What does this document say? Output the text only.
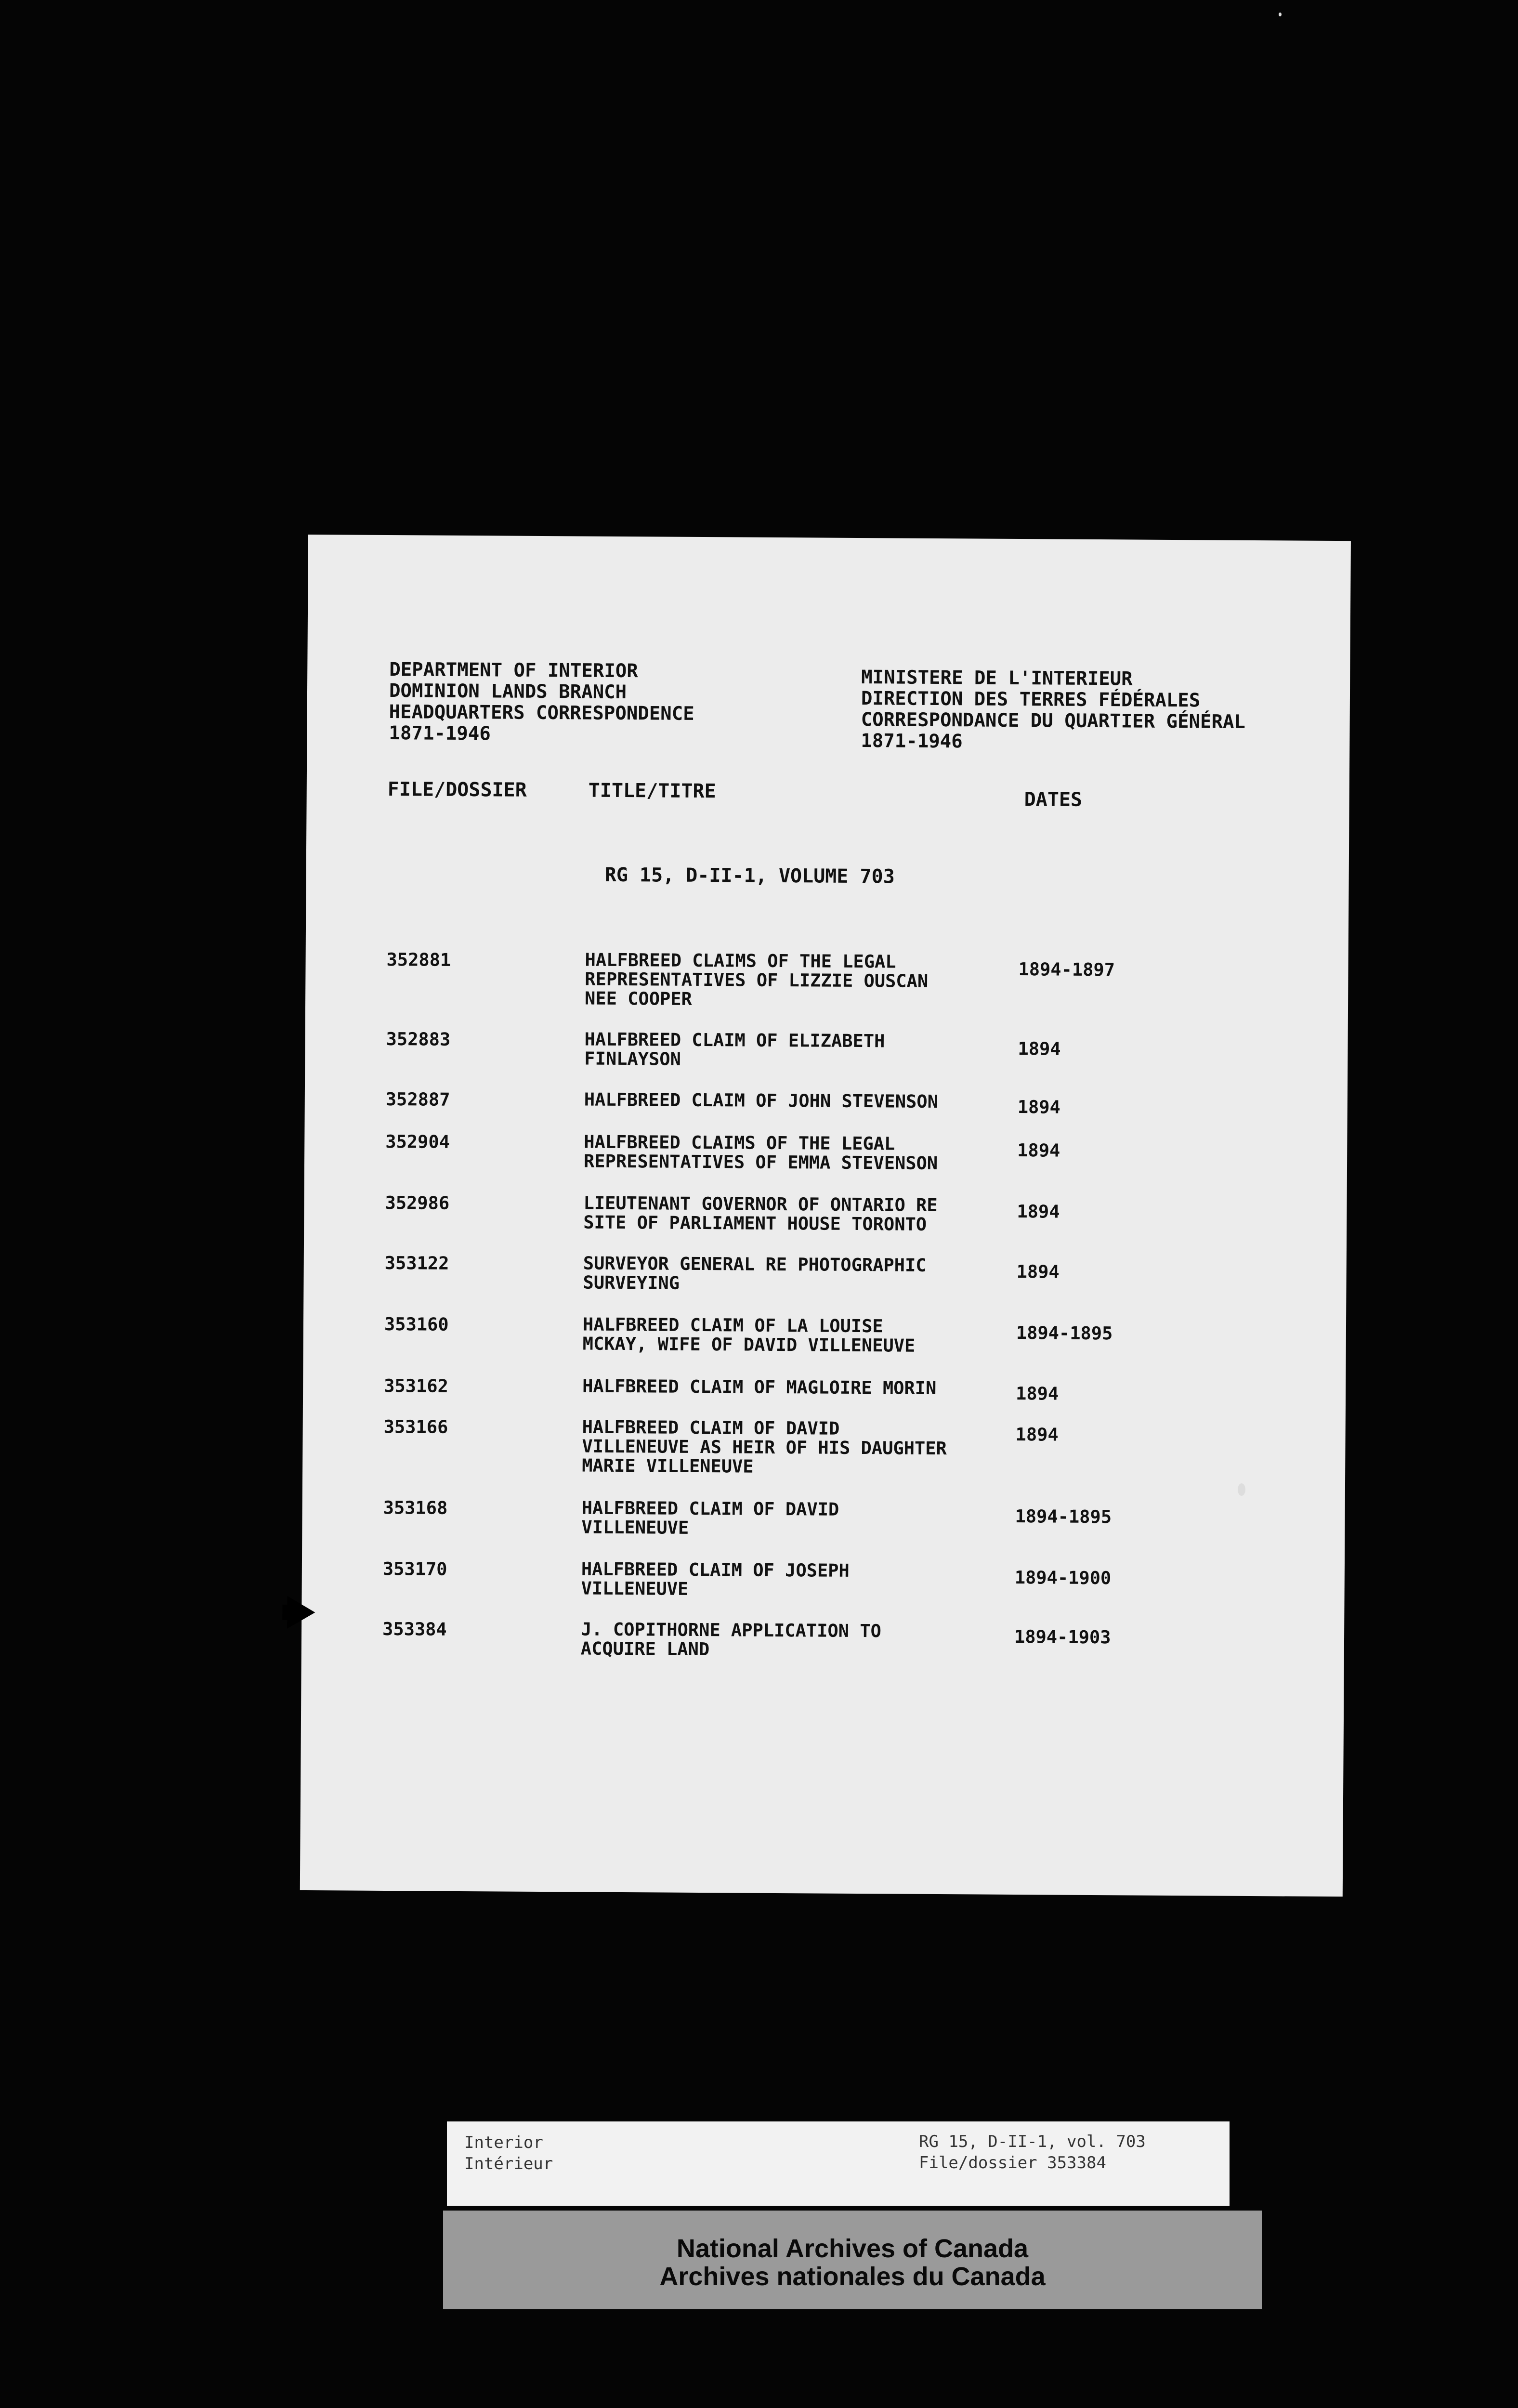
DEPARTMENT OF INTERIOR
DOMINION LANDS BRANCH
HEADQUARTERS CORRESPONDENCE
1871-1946
MINISTERE DE L'INTERIEUR
DIRECTION DES TERRES FÉDÉRALES
CORRESPONDANCE DU QUARTIER GÉNÉRAL
1871-1946
FILE/DOSSIER	TITLE/TITRE	DATES
RG 15, D-II-1, VOLUME 703
352881	HALFBREED CLAIMS OF THE LEGAL
REPRESENTATIVES OF LIZZIE OUSCAN
NEE COOPER
1894-1897
352883	HALFBREED CLAIM OF ELIZABETH
FINLAYSON	1894
352887	HALFBREED CLAIM OF JOHN STEVENSON	1894
352904	HALFBREED CLAIMS OF THE LEGAL
REPRESENTATIVES OF EMMA STEVENSON
1894
352986	LIEUTENANT GOVERNOR OF ONTARIO RE
SITE OF PARLIAMENT HOUSE TORONTO
1894
353122	SURVEYOR GENERAL RE PHOTOGRAPHIC
SURVEYING
1894
353160	HALFBREED CLAIM OF LA LOUISE
MCKAY, WIFE OF DAVID VILLENEUVE
1894-1895
353162	HALFBREED CLAIM OF MAGLOIRE MORIN	1894
353166	HALFBREED CLAIM OF DAVID
VILLENEUVE AS HEIR OF HIS DAUGHTER
MARIE VILLENEUVE
1894
353168	HALFBREED CLAIM OF DAVID
VILLENEUVE
1894-1895
353170	HALFBREED CLAIM OF JOSEPH
VILLENEUVE
1894-1900
353384	J. COPITHORNE APPLICATION TO
ACQUIRE LAND
1894-1903
Interior
Intérieur
RG 15, D-II-1, vol. 703
File/dossier 353384
National Archives of Canada
Archives nationales du Canada
